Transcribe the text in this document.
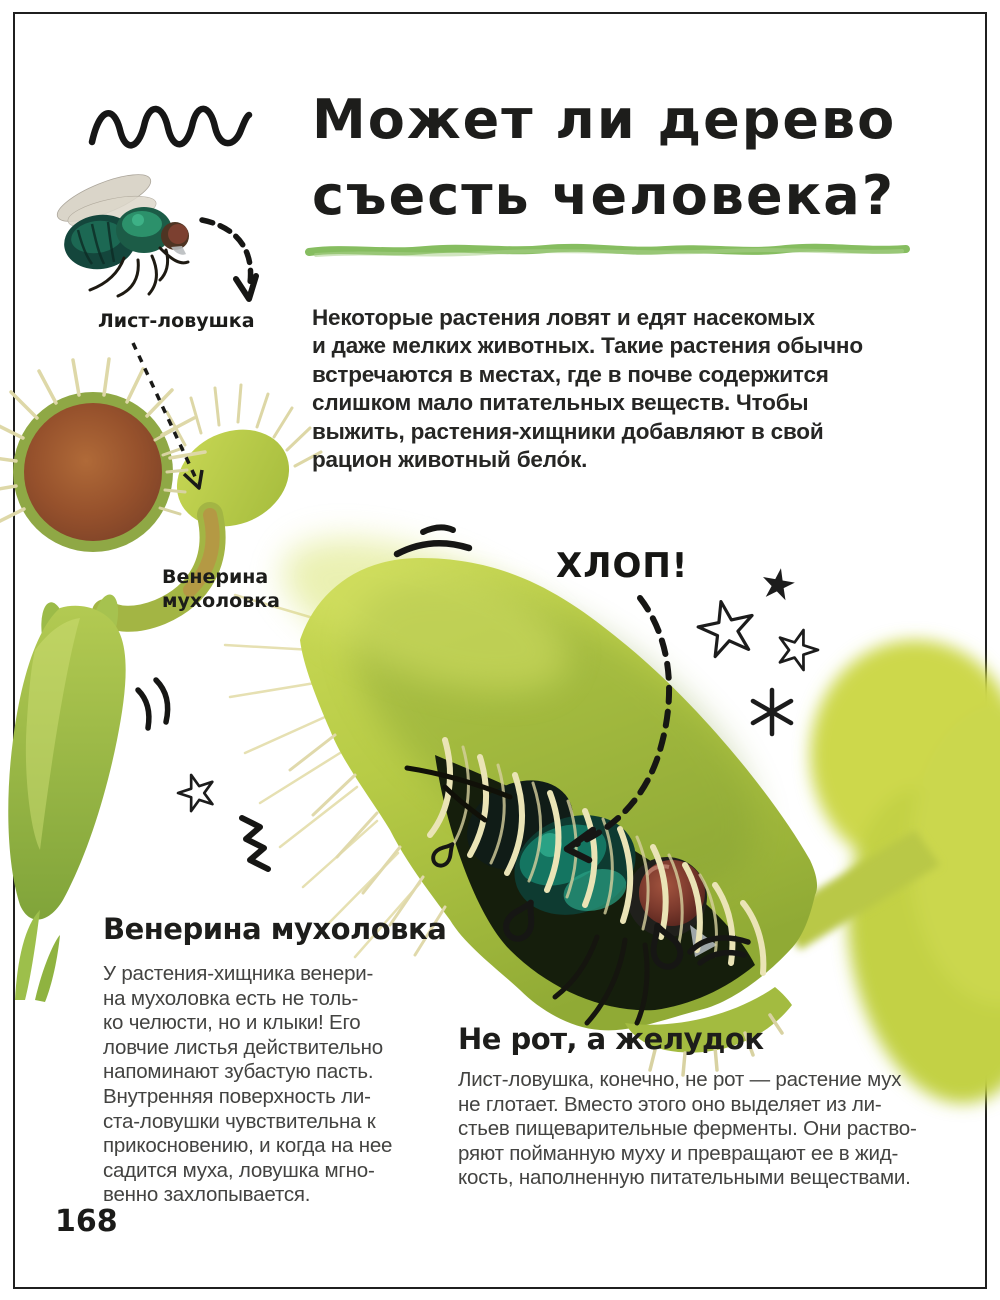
Лист-ловушка
Венерина
мухоловка
Может ли дерево
съесть человека?
Некоторые растения ловят и едят насекомых
и даже мелких животных. Такие растения обычно
встречаются в местах, где в почве содержится
слишком мало питательных веществ. Чтобы
выжить, растения-хищники добавляют в свой
рацион животный бело́к.
ХЛОП!
Венерина мухоловка
У растения-хищника венери-
на мухоловка есть не толь-
ко челюсти, но и клыки! Его
ловчие листья действительно
напоминают зубастую пасть.
Внутренняя поверхность ли-
ста-ловушки чувствительна к
прикосновению, и когда на нее
садится муха, ловушка мгно-
венно захлопывается.
Не рот, а желудок
Лист-ловушка, конечно, не рот — растение мух
не глотает. Вместо этого оно выделяет из ли-
стьев пищеварительные ферменты. Они раство-
ряют пойманную муху и превращают ее в жид-
кость, наполненную питательными веществами.
168
